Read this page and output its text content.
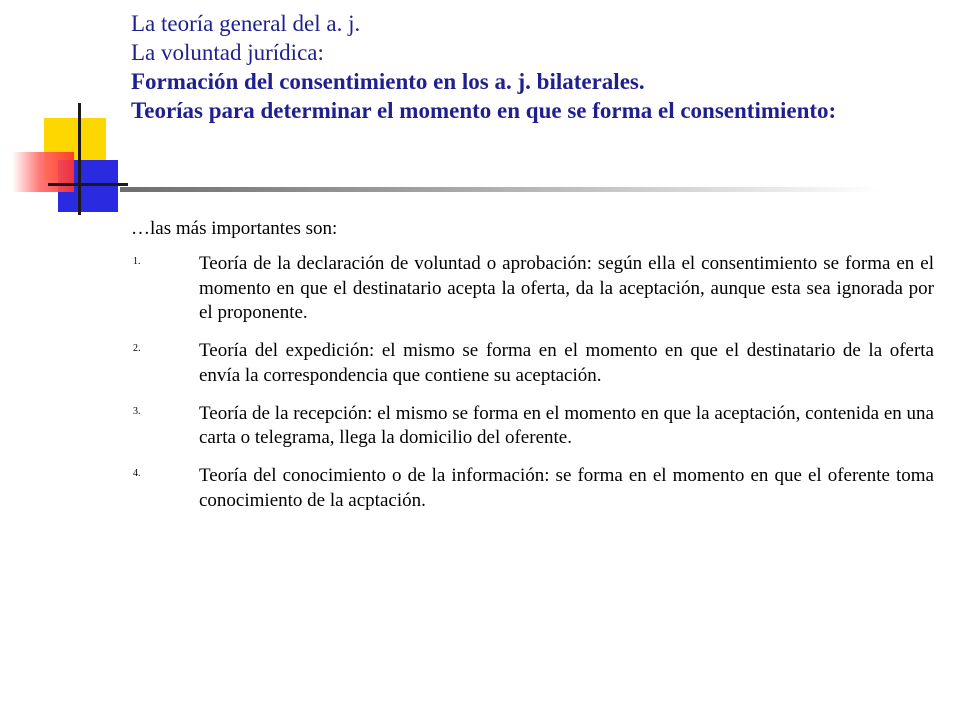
La teoría general del a. j.
La voluntad jurídica:
Formación del consentimiento en los a. j. bilaterales.
Teorías para determinar el momento en que se forma el consentimiento:

…las más importantes son:

1.	Teoría de la declaración de voluntad o aprobación: según ella el consentimiento se forma en el momento en que el destinatario acepta la oferta, da la aceptación, aunque esta sea ignorada por el proponente.
2.	Teoría del expedición: el mismo se forma en el momento en que el destinatario de la oferta envía la correspondencia que contiene su aceptación.
3.	Teoría de la recepción: el mismo se forma en el momento en que la aceptación, contenida en una carta o telegrama, llega la domicilio del oferente.
4.	Teoría del conocimiento o de la información: se forma en el momento en que el oferente toma conocimiento de la acptación.
